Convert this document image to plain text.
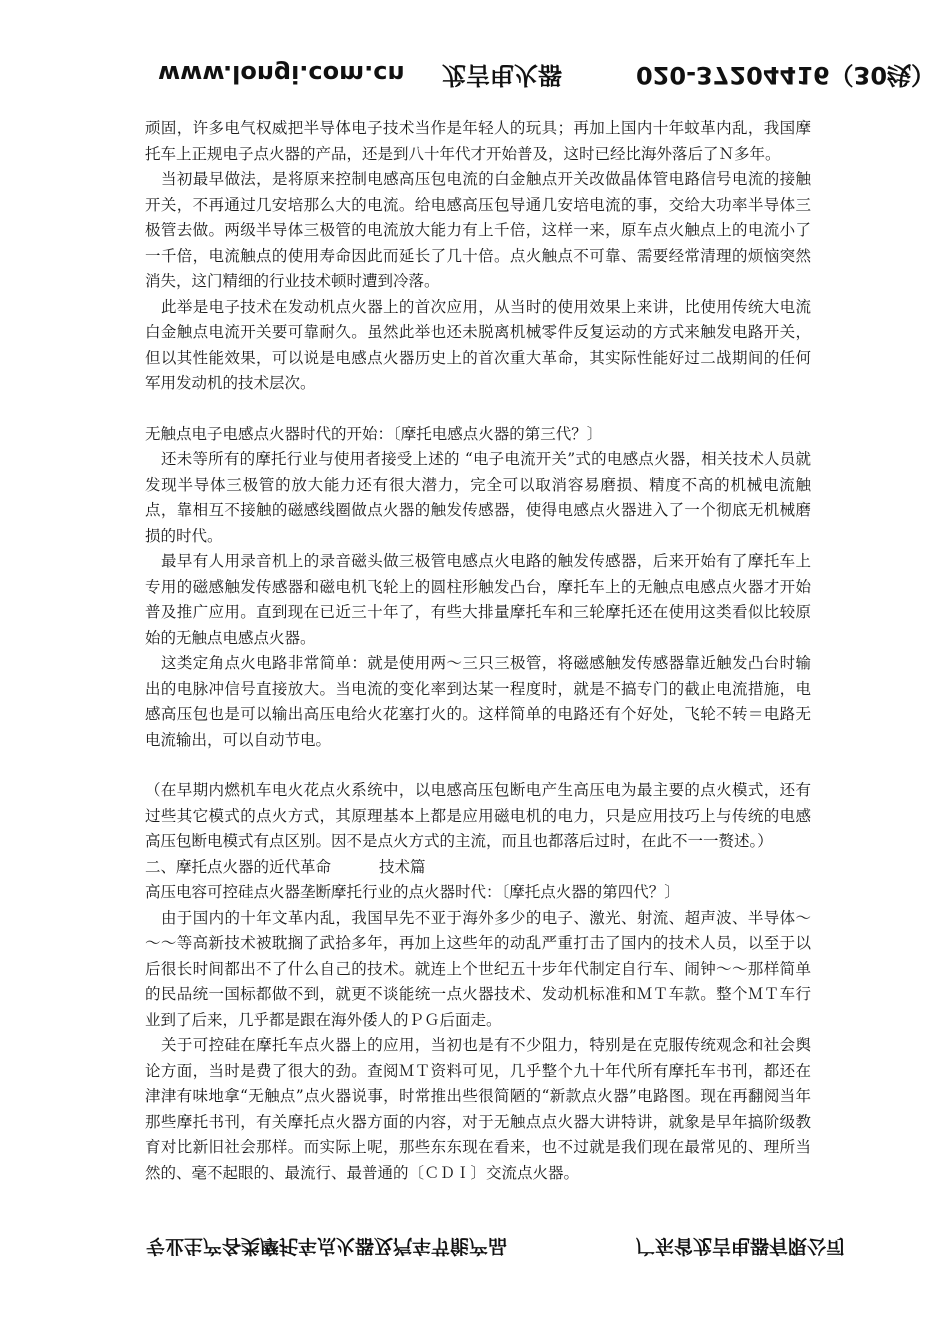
www.longi.com.cn 龙吉电火器	020-37204416（30线）

顽固，许多电气权威把半导体电子技术当作是年轻人的玩具；再加上国内十年蚊革内乱，我国摩托车上正规电子点火器的产品，还是到八十年代才开始普及，这时已经比海外落后了Ｎ多年。

当初最早做法，是将原来控制电感高压包电流的白金触点开关改做晶体管电路信号电流的接触开关，不再通过几安培那么大的电流。给电感高压包导通几安培电流的事，交给大功率半导体三极管去做。两级半导体三极管的电流放大能力有上千倍，这样一来，原车点火触点上的电流小了一千倍，电流触点的使用寿命因此而延长了几十倍。点火触点不可靠、需要经常清理的烦恼突然消失，这门精细的行业技术顿时遭到冷落。

此举是电子技术在发动机点火器上的首次应用，从当时的使用效果上来讲，比使用传统大电流白金触点电流开关要可靠耐久。虽然此举也还未脱离机械零件反复运动的方式来触发电路开关，但以其性能效果，可以说是电感点火器历史上的首次重大革命，其实际性能好过二战期间的任何军用发动机的技术层次。

无触点电子电感点火器时代的开始：〔摩托电感点火器的第三代？〕

还未等所有的摩托行业与使用者接受上述的 “电子电流开关”式的电感点火器，相关技术人员就发现半导体三极管的放大能力还有很大潜力，完全可以取消容易磨损、精度不高的机械电流触点，靠相互不接触的磁感线圈做点火器的触发传感器，使得电感点火器进入了一个彻底无机械磨损的时代。

最早有人用录音机上的录音磁头做三极管电感点火电路的触发传感器，后来开始有了摩托车上专用的磁感触发传感器和磁电机飞轮上的圆柱形触发凸台，摩托车上的无触点电感点火器才开始普及推广应用。直到现在已近三十年了，有些大排量摩托车和三轮摩托还在使用这类看似比较原始的无触点电感点火器。

这类定角点火电路非常简单：就是使用两～三只三极管，将磁感触发传感器靠近触发凸台时输出的电脉冲信号直接放大。当电流的变化率到达某一程度时，就是不搞专门的截止电流措施，电感高压包也是可以输出高压电给火花塞打火的。这样简单的电路还有个好处，飞轮不转＝电路无电流输出，可以自动节电。

（在早期内燃机车电火花点火系统中，以电感高压包断电产生高压电为最主要的点火模式，还有过些其它模式的点火方式，其原理基本上都是应用磁电机的电力，只是应用技巧上与传统的电感高压包断电模式有点区别。因不是点火方式的主流，而且也都落后过时，在此不一一赘述。）

二、摩托点火器的近代革命	技术篇

高压电容可控硅点火器垄断摩托行业的点火器时代：〔摩托点火器的第四代？〕

由于国内的十年文革内乱，我国早先不亚于海外多少的电子、激光、射流、超声波、半导体～～～等高新技术被耽搁了武拾多年，再加上这些年的动乱严重打击了国内的技术人员，以至于以后很长时间都出不了什么自己的技术。就连上个世纪五十步年代制定自行车、闹钟～～那样简单的民品统一国标都做不到，就更不谈能统一点火器技术、发动机标准和ＭＴ车款。整个ＭＴ车行业到了后来，几乎都是跟在海外倭人的ＰＧ后面走。

关于可控硅在摩托车点火器上的应用，当初也是有不少阻力，特别是在克服传统观念和社会舆论方面，当时是费了很大的劲。查阅ＭＴ资料可见，几乎整个九十年代所有摩托车书刊，都还在津津有味地拿“无触点”点火器说事，时常推出些很简陋的“新款点火器”电路图。现在再翻阅当年那些摩托书刊，有关摩托点火器方面的内容，对于无触点点火器大讲特讲，就象是早年搞阶级教育对比新旧社会那样。而实际上呢，那些东东现在看来，也不过就是我们现在最常见的、理所当然的、毫不起眼的、最流行、最普通的〔ＣＤＩ〕交流点火器。

专业生产各类摩托车点火器及汽车节能产品	广东省龙吉电器有限公司
